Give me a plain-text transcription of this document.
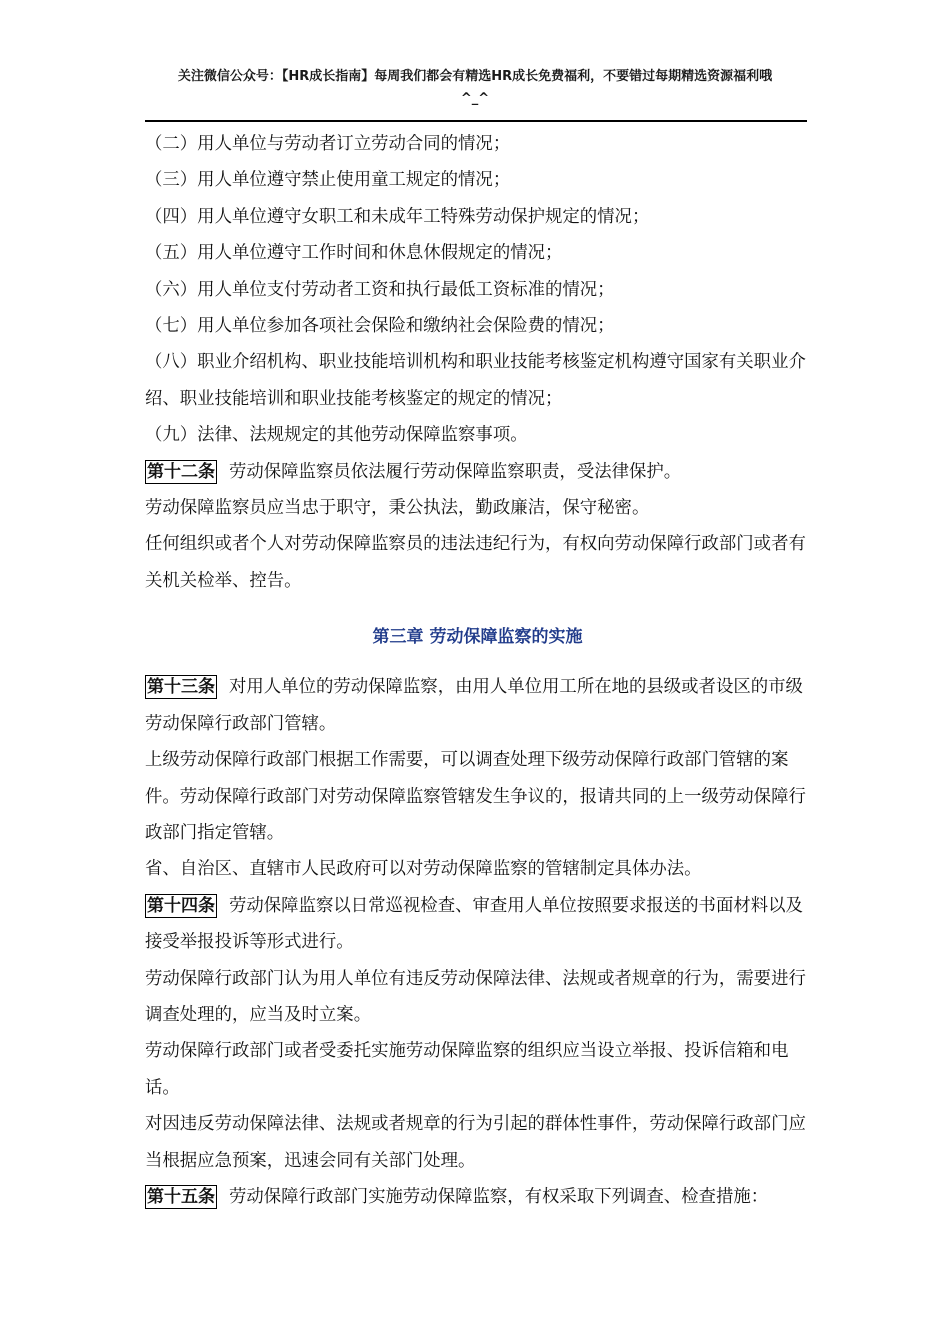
关注微信公众号：【HR成长指南】每周我们都会有精选HR成长免费福利，不要错过每期精选资源福利哦
^_^

（二）用人单位与劳动者订立劳动合同的情况；

（三）用人单位遵守禁止使用童工规定的情况；

（四）用人单位遵守女职工和未成年工特殊劳动保护规定的情况；

（五）用人单位遵守工作时间和休息休假规定的情况；

（六）用人单位支付劳动者工资和执行最低工资标准的情况；

（七）用人单位参加各项社会保险和缴纳社会保险费的情况；

（八）职业介绍机构、职业技能培训机构和职业技能考核鉴定机构遵守国家有关职业介绍、职业技能培训和职业技能考核鉴定的规定的情况；

（九）法律、法规规定的其他劳动保障监察事项。

第十二条 劳动保障监察员依法履行劳动保障监察职责，受法律保护。

劳动保障监察员应当忠于职守，秉公执法，勤政廉洁，保守秘密。

任何组织或者个人对劳动保障监察员的违法违纪行为，有权向劳动保障行政部门或者有关机关检举、控告。

第三章 劳动保障监察的实施

第十三条 对用人单位的劳动保障监察，由用人单位用工所在地的县级或者设区的市级劳动保障行政部门管辖。

上级劳动保障行政部门根据工作需要，可以调查处理下级劳动保障行政部门管辖的案件。劳动保障行政部门对劳动保障监察管辖发生争议的，报请共同的上一级劳动保障行政部门指定管辖。

省、自治区、直辖市人民政府可以对劳动保障监察的管辖制定具体办法。

第十四条 劳动保障监察以日常巡视检查、审查用人单位按照要求报送的书面材料以及接受举报投诉等形式进行。

劳动保障行政部门认为用人单位有违反劳动保障法律、法规或者规章的行为，需要进行调查处理的，应当及时立案。

劳动保障行政部门或者受委托实施劳动保障监察的组织应当设立举报、投诉信箱和电话。

对因违反劳动保障法律、法规或者规章的行为引起的群体性事件，劳动保障行政部门应当根据应急预案，迅速会同有关部门处理。

第十五条 劳动保障行政部门实施劳动保障监察，有权采取下列调查、检查措施：
